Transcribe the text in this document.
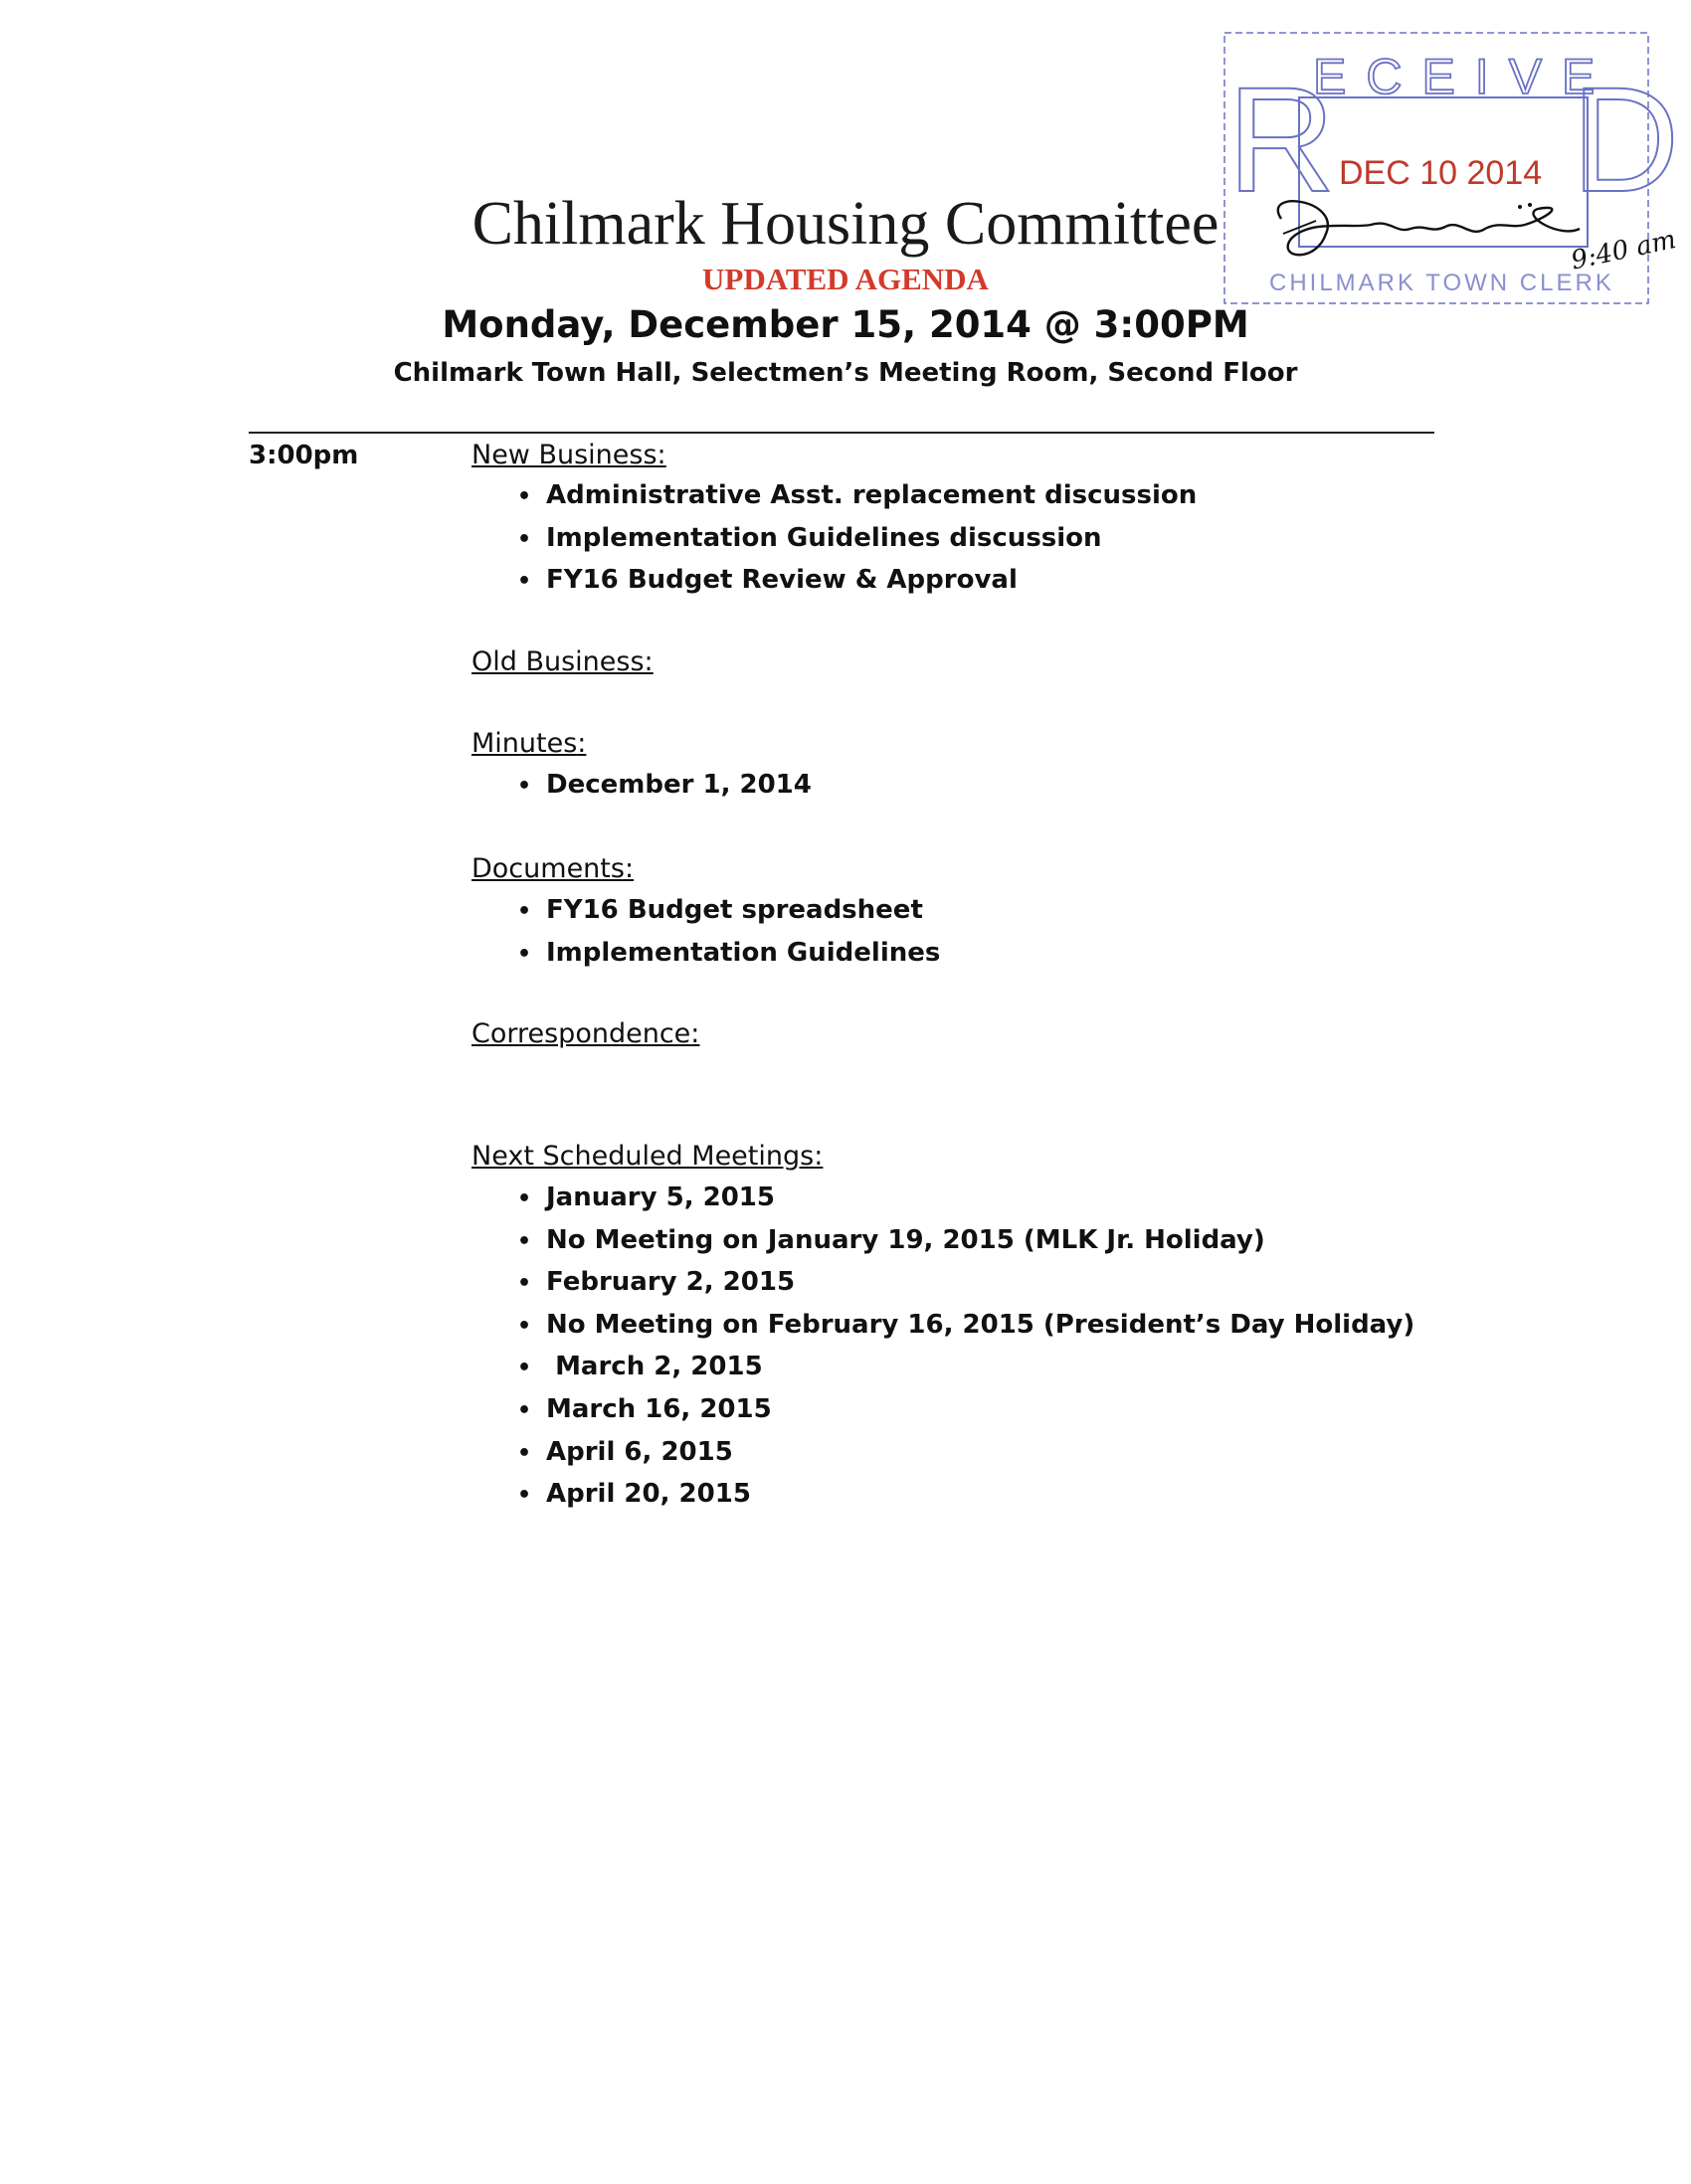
R D
ECEIVE
DEC 10 2014
CHILMARK TOWN CLERK
9:40 am
Chilmark Housing Committee
UPDATED AGENDA
Monday, December 15, 2014 @ 3:00PM
Chilmark Town Hall, Selectmen’s Meeting Room, Second Floor
3:00pm	New Business:
• Administrative Asst. replacement discussion
• Implementation Guidelines discussion
• FY16 Budget Review & Approval
Old Business:
Minutes:
• December 1, 2014
Documents:
• FY16 Budget spreadsheet
• Implementation Guidelines
Correspondence:
Next Scheduled Meetings:
• January 5, 2015
• No Meeting on January 19, 2015 (MLK Jr. Holiday)
• February 2, 2015
• No Meeting on February 16, 2015 (President’s Day Holiday)
• March 2, 2015
• March 16, 2015
• April 6, 2015
• April 20, 2015
